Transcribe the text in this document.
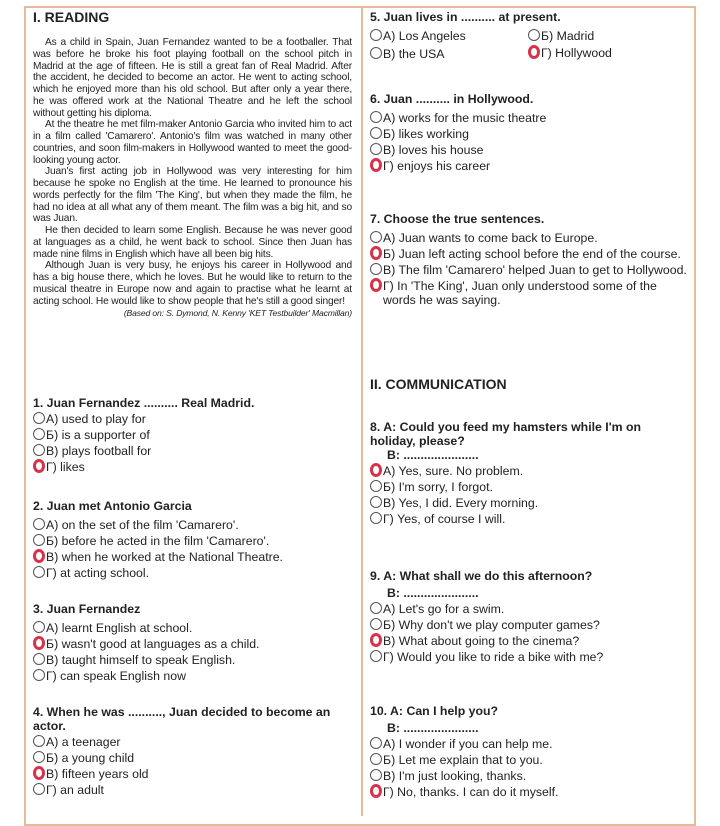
I. READING

As a child in Spain, Juan Fernandez wanted to be a footballer. That was before he broke his foot playing football on the school pitch in Madrid at the age of fifteen. He is still a great fan of Real Madrid. After the accident, he decided to become an actor. He went to acting school, which he enjoyed more than his old school. But after only a year there, he was offered work at the National Theatre and he left the school without getting his diploma.

At the theatre he met film-maker Antonio Garcia who invited him to act in a film called 'Camarero'. Antonio's film was watched in many other countries, and soon film-makers in Hollywood wanted to meet the good-looking young actor.

Juan's first acting job in Hollywood was very interesting for him because he spoke no English at the time. He learned to pronounce his words perfectly for the film 'The King', but when they made the film, he had no idea at all what any of them meant. The film was a big hit, and so was Juan.

He then decided to learn some English. Because he was never good at languages as a child, he went back to school. Since then Juan has made nine films in English which have all been big hits.

Although Juan is very busy, he enjoys his career in Hollywood and has a big house there, which he loves. But he would like to return to the musical theatre in Europe now and again to practise what he learnt at acting school. He would like to show people that he's still a good singer!

(Based on: S. Dymond, N. Kenny 'KET Testbuilder' Macmillan)
II. COMMUNICATION
1. Juan Fernandez .......... Real Madrid.
A) used to play for
Б) is a supporter of
B) plays football for
Г) likes
2. Juan met Antonio Garcia
A) on the set of the film 'Camarero'.
Б) before he acted in the film 'Camarero'.
B) when he worked at the National Theatre.
Г) at acting school.
3. Juan Fernandez
A) learnt English at school.
Б) wasn't good at languages as a child.
B) taught himself to speak English.
Г) can speak English now
4. When he was .........., Juan decided to become an actor.
A) a teenager
Б) a young child
B) fifteen years old
Г) an adult
5. Juan lives in .......... at present.
A) Los Angeles	Б) Madrid
B) the USA	Г) Hollywood
6. Juan .......... in Hollywood.
A) works for the music theatre
Б) likes working
B) loves his house
Г) enjoys his career
7. Choose the true sentences.
A) Juan wants to come back to Europe.
Б) Juan left acting school before the end of the course.
B) The film 'Camarero' helped Juan to get to Hollywood.
Г) In 'The King', Juan only understood some of the words he was saying.
8. A: Could you feed my hamsters while I'm on holiday, please?
B: ......................
A) Yes, sure. No problem.
Б) I'm sorry, I forgot.
B) Yes, I did. Every morning.
Г) Yes, of course I will.
9. A: What shall we do this afternoon?
B: ......................
A) Let's go for a swim.
Б) Why don't we play computer games?
B) What about going to the cinema?
Г) Would you like to ride a bike with me?
10. A: Can I help you?
B: ......................
A) I wonder if you can help me.
Б) Let me explain that to you.
B) I'm just looking, thanks.
Г) No, thanks. I can do it myself.
